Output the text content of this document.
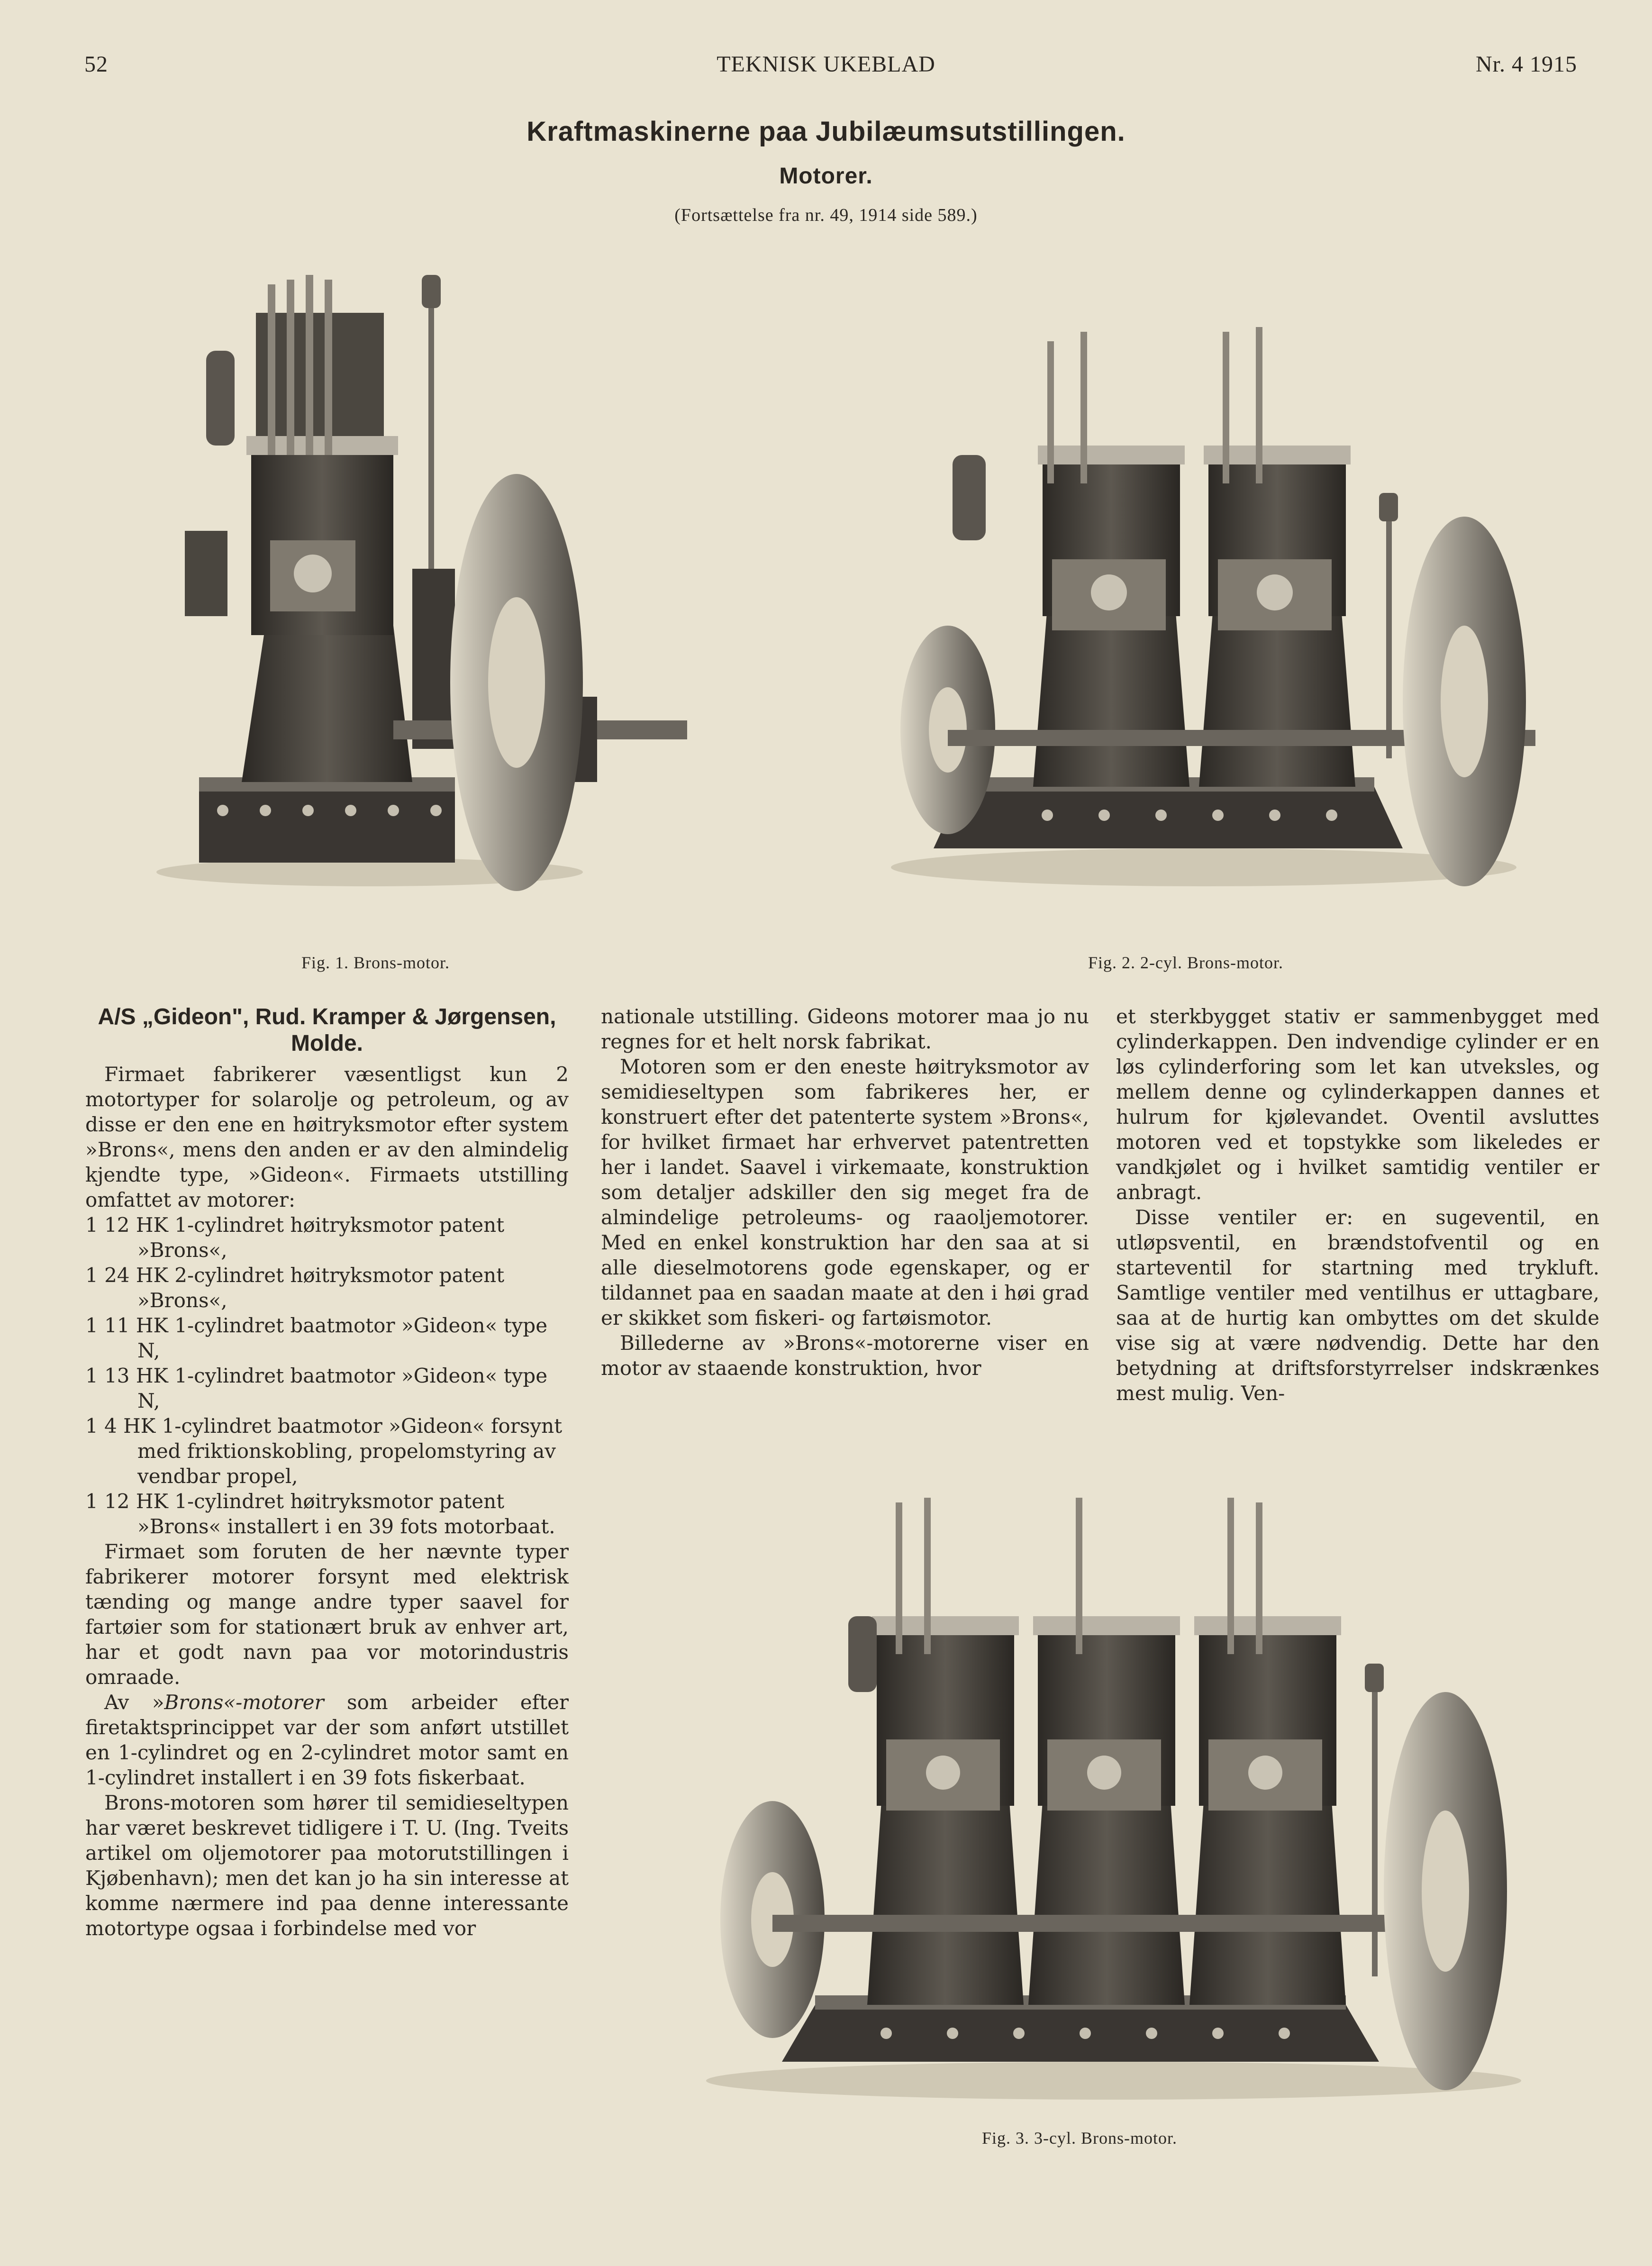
52	TEKNISK UKEBLAD	Nr. 4 1915
Kraftmaskinerne paa Jubilæumsutstillingen.
Motorer.
(Fortsættelse fra nr. 49, 1914 side 589.)
Fig. 1. Brons-motor.	Fig. 2. 2-cyl. Brons-motor.
Fig. 3. 3-cyl. Brons-motor.

A/S „Gideon", Rud. Kramper & Jørgensen, Molde.

Firmaet fabrikerer væsentligst kun 2 motortyper for solarolje og petroleum, og av disse er den ene en høitryksmotor efter system »Brons«, mens den anden er av den almindelig kjendte type, »Gideon«. Firmaets utstilling omfattet av motorer:

1 12 HK 1-cylindret høitryksmotor patent »Brons«,

1 24 HK 2-cylindret høitryksmotor patent »Brons«,

1 11 HK 1-cylindret baatmotor »Gideon« type N,

1 13 HK 1-cylindret baatmotor »Gideon« type N,

1 4 HK 1-cylindret baatmotor »Gideon« forsynt med friktionskobling, propelomstyring av vendbar propel,

1 12 HK 1-cylindret høitryksmotor patent »Brons« installert i en 39 fots motorbaat.

Firmaet som foruten de her nævnte typer fabrikerer motorer forsynt med elektrisk tænding og mange andre typer saavel for fartøier som for stationært bruk av enhver art, har et godt navn paa vor motorindustris omraade.

Av »Brons«-motorer som arbeider efter firetaktsprincippet var der som anført utstillet en 1-cylindret og en 2-cylindret motor samt en 1-cylindret installert i en 39 fots fiskerbaat.

Brons-motoren som hører til semidieseltypen har været beskrevet tidligere i T. U. (Ing. Tveits artikel om oljemotorer paa motorutstillingen i Kjøbenhavn); men det kan jo ha sin interesse at komme nærmere ind paa denne interessante motortype ogsaa i forbindelse med vor

nationale utstilling. Gideons motorer maa jo nu regnes for et helt norsk fabrikat.

Motoren som er den eneste høitryksmotor av semidieseltypen som fabrikeres her, er konstruert efter det patenterte system »Brons«, for hvilket firmaet har erhvervet patentretten her i landet. Saavel i virkemaate, konstruktion som detaljer adskiller den sig meget fra de almindelige petroleums- og raaoljemotorer. Med en enkel konstruktion har den saa at si alle dieselmotorens gode egenskaper, og er tildannet paa en saadan maate at den i høi grad er skikket som fiskeri- og fartøismotor.

Billederne av »Brons«-motorerne viser en motor av staaende konstruktion, hvor

et sterkbygget stativ er sammenbygget med cylinderkappen. Den indvendige cylinder er en løs cylinderforing som let kan utveksles, og mellem denne og cylinderkappen dannes et hulrum for kjølevandet. Oventil avsluttes motoren ved et topstykke som likeledes er vandkjølet og i hvilket samtidig ventiler er anbragt.

Disse ventiler er: en sugeventil, en utløpsventil, en brændstofventil og en starteventil for startning med trykluft. Samtlige ventiler med ventilhus er uttagbare, saa at de hurtig kan ombyttes om det skulde vise sig at være nødvendig. Dette har den betydning at driftsforstyrrelser indskrænkes mest mulig. Ven-
